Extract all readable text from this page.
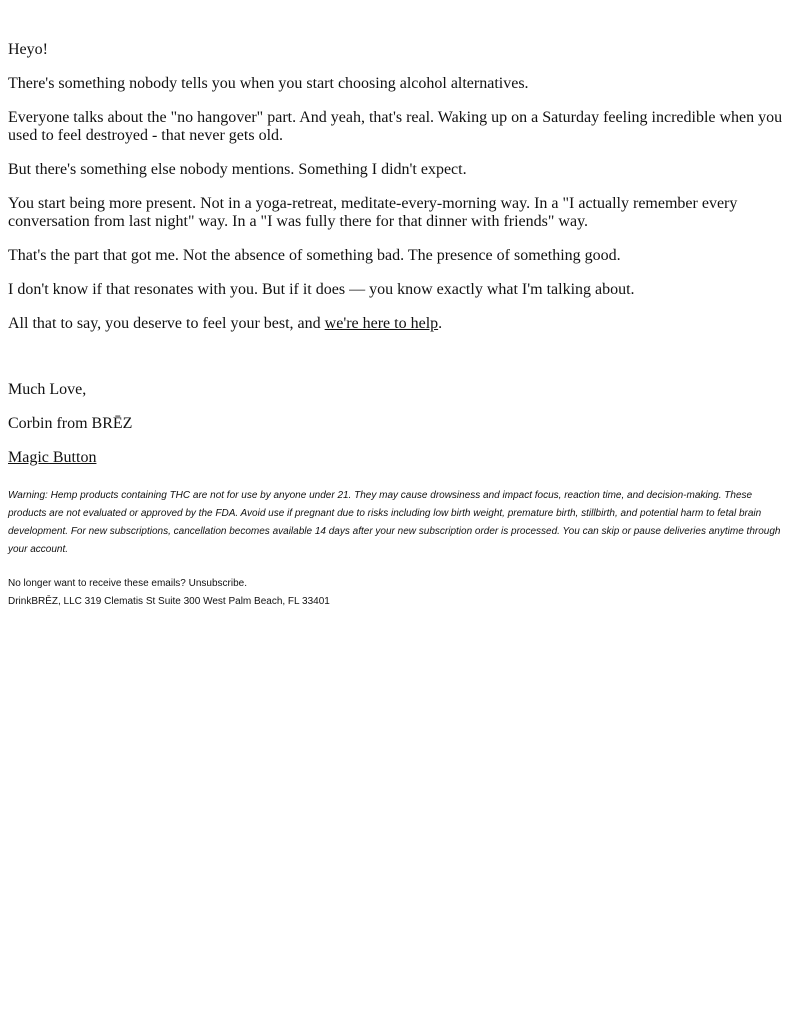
Heyo!

There's something nobody tells you when you start choosing alcohol alternatives.

Everyone talks about the "no hangover" part. And yeah, that's real. Waking up on a Saturday feeling incredible when you used to feel destroyed - that never gets old.

But there's something else nobody mentions. Something I didn't expect.

You start being more present. Not in a yoga-retreat, meditate-every-morning way. In a "I actually remember every conversation from last night" way. In a "I was fully there for that dinner with friends" way.

That's the part that got me. Not the absence of something bad. The presence of something good.

I don't know if that resonates with you. But if it does — you know exactly what I'm talking about.

All that to say, you deserve to feel your best, and we're here to help.

Much Love,

Corbin from BRĒZ

Magic Button

Warning: Hemp products containing THC are not for use by anyone under 21. They may cause drowsiness and impact focus, reaction time, and decision-making. These products are not evaluated or approved by the FDA. Avoid use if pregnant due to risks including low birth weight, premature birth, stillbirth, and potential harm to fetal brain development. For new subscriptions, cancellation becomes available 14 days after your new subscription order is processed. You can skip or pause deliveries anytime through your account.

No longer want to receive these emails? Unsubscribe.

DrinkBRĒZ, LLC 319 Clematis St Suite 300 West Palm Beach, FL 33401
